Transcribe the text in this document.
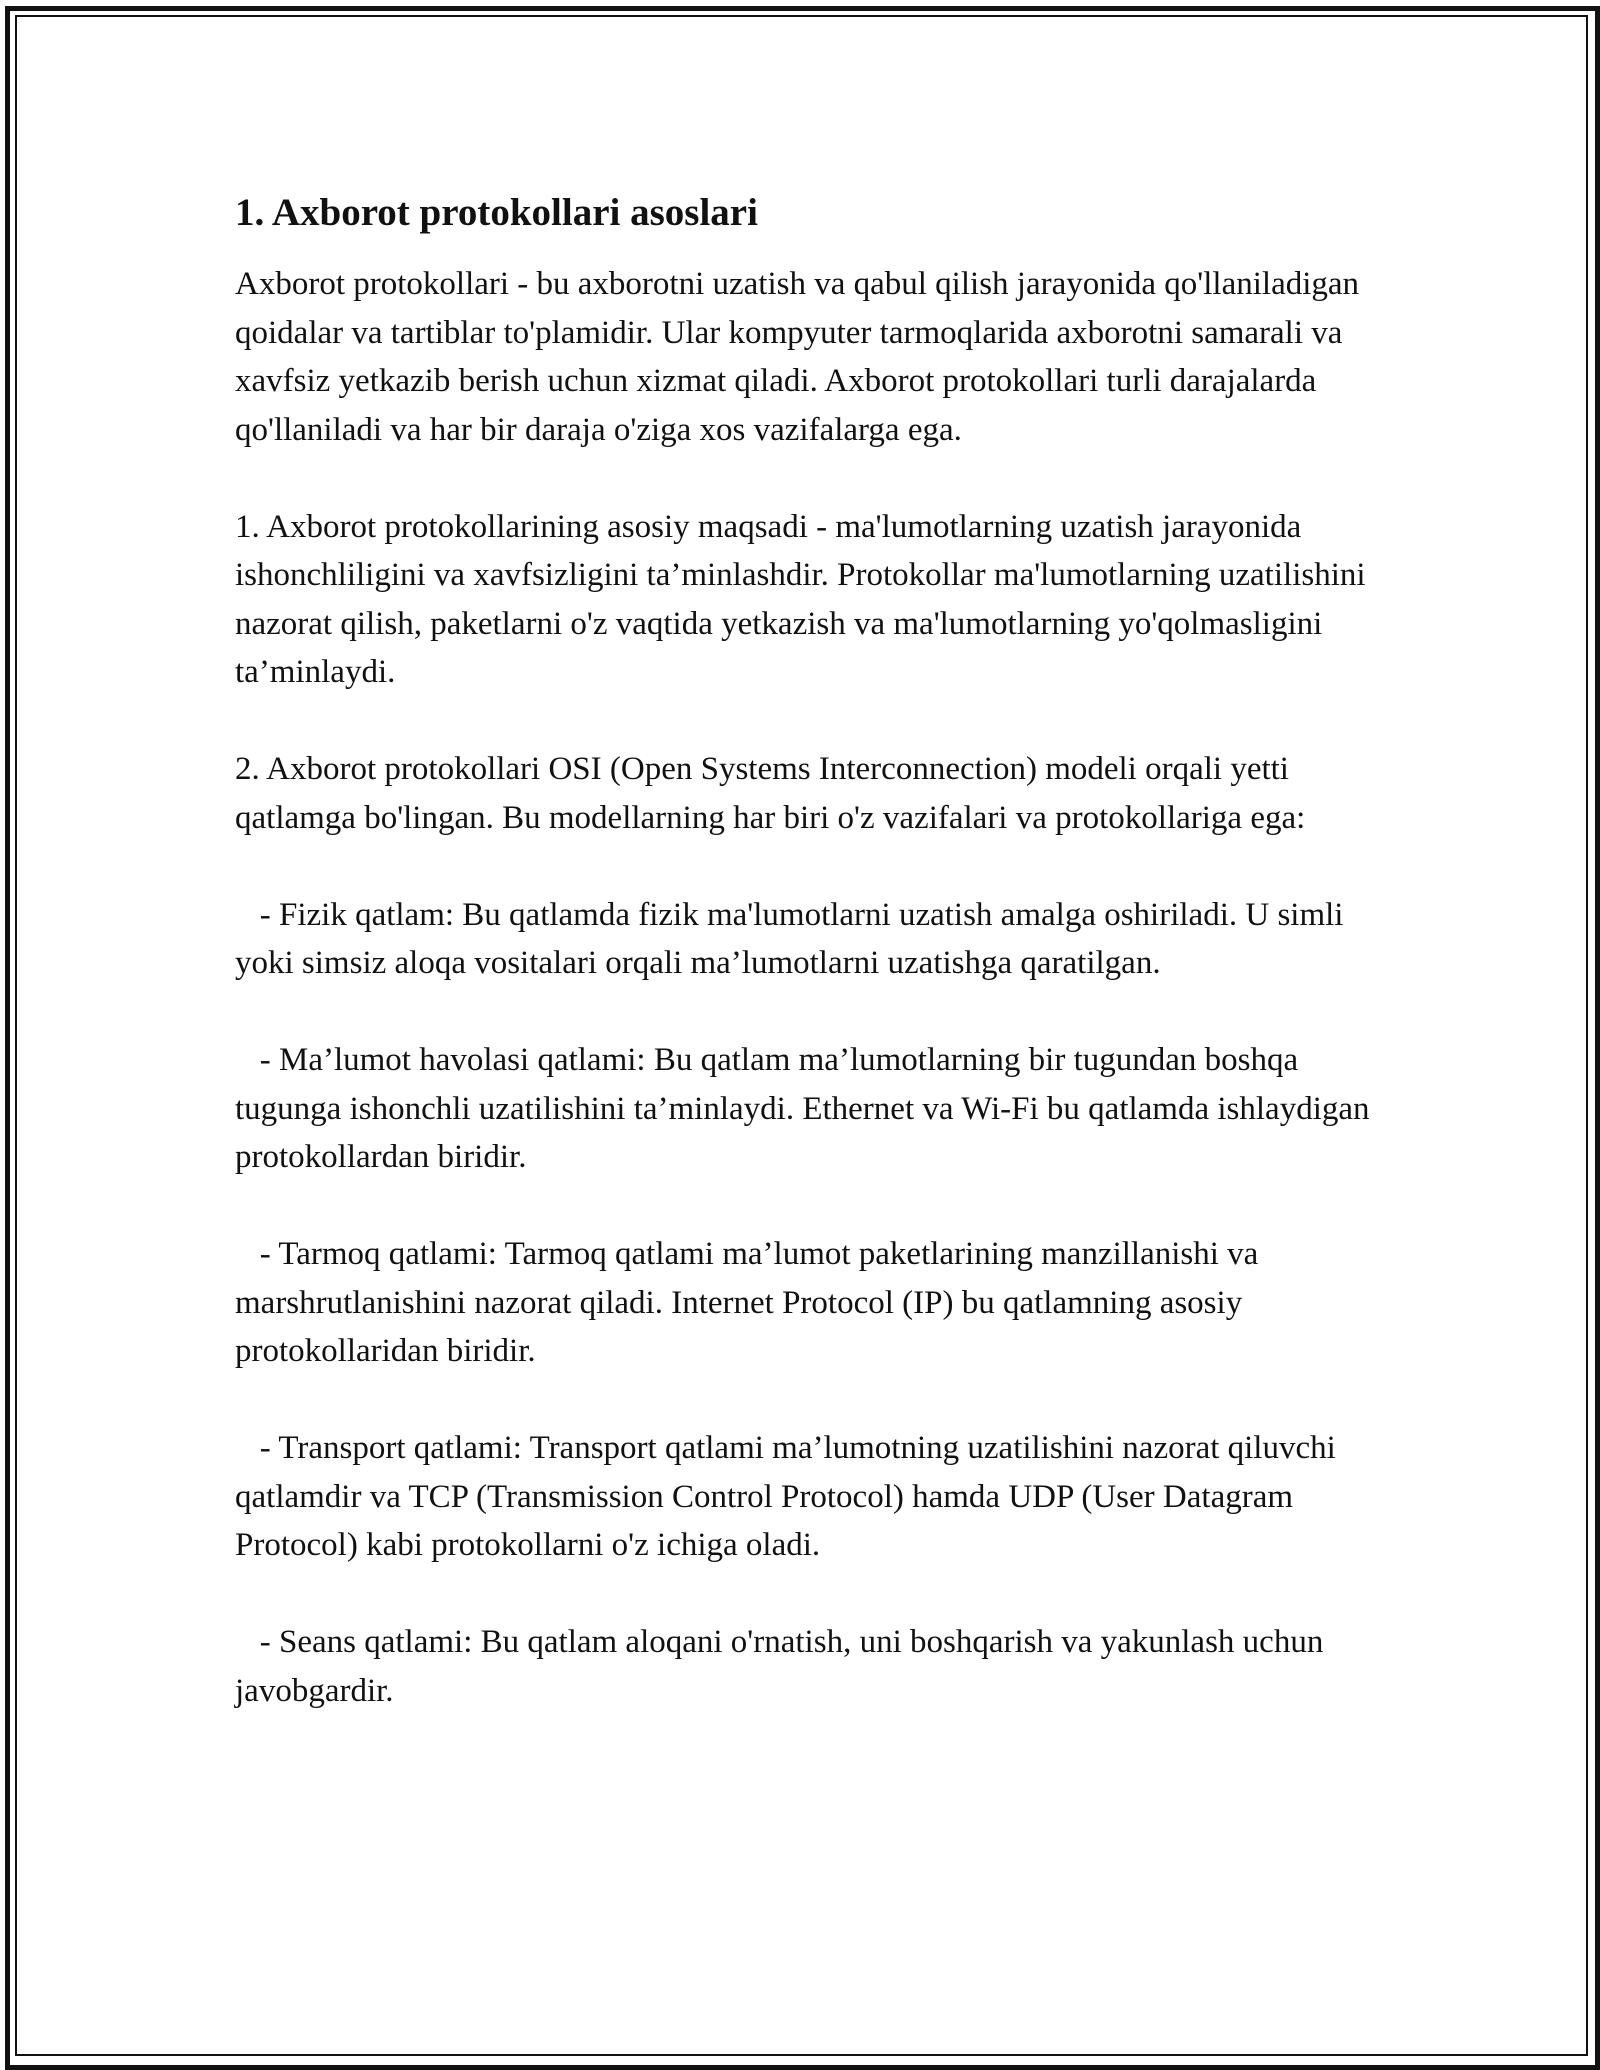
1. Axborot protokollari asoslari

Axborot protokollari - bu axborotni uzatish va qabul qilish jarayonida qo'llaniladigan qoidalar va tartiblar to'plamidir. Ular kompyuter tarmoqlarida axborotni samarali va xavfsiz yetkazib berish uchun xizmat qiladi. Axborot protokollari turli darajalarda qo'llaniladi va har bir daraja o'ziga xos vazifalarga ega.

1. Axborot protokollarining asosiy maqsadi - ma'lumotlarning uzatish jarayonida ishonchliligini va xavfsizligini ta’minlashdir. Protokollar ma'lumotlarning uzatilishini nazorat qilish, paketlarni o'z vaqtida yetkazish va ma'lumotlarning yo'qolmasligini ta’minlaydi.

2. Axborot protokollari OSI (Open Systems Interconnection) modeli orqali yetti qatlamga bo'lingan. Bu modellarning har biri o'z vazifalari va protokollariga ega:

- Fizik qatlam: Bu qatlamda fizik ma'lumotlarni uzatish amalga oshiriladi. U simli yoki simsiz aloqa vositalari orqali ma’lumotlarni uzatishga qaratilgan.

- Ma’lumot havolasi qatlami: Bu qatlam ma’lumotlarning bir tugundan boshqa tugunga ishonchli uzatilishini ta’minlaydi. Ethernet va Wi-Fi bu qatlamda ishlaydigan protokollardan biridir.

- Tarmoq qatlami: Tarmoq qatlami ma’lumot paketlarining manzillanishi va marshrutlanishini nazorat qiladi. Internet Protocol (IP) bu qatlamning asosiy protokollaridan biridir.

- Transport qatlami: Transport qatlami ma’lumotning uzatilishini nazorat qiluvchi qatlamdir va TCP (Transmission Control Protocol) hamda UDP (User Datagram Protocol) kabi protokollarni o'z ichiga oladi.

- Seans qatlami: Bu qatlam aloqani o'rnatish, uni boshqarish va yakunlash uchun javobgardir.
